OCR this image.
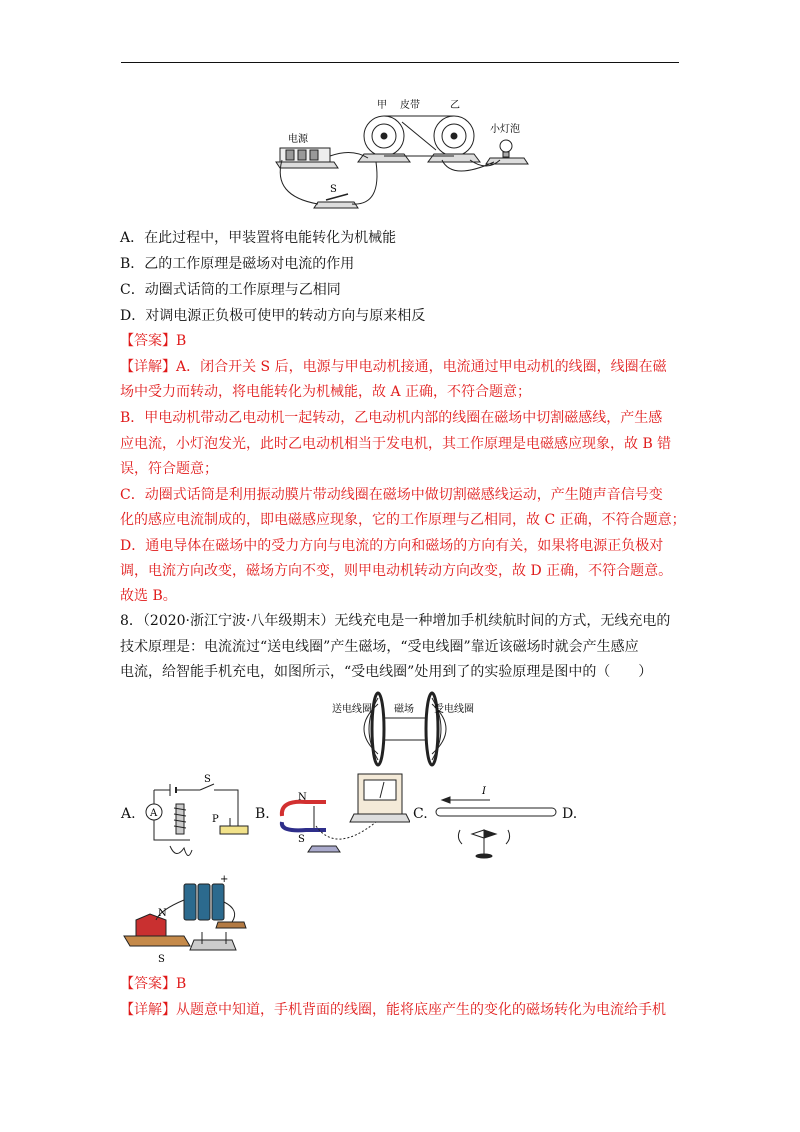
甲 皮带	乙
小灯泡
电源
S
A．在此过程中，甲装置将电能转化为机械能
B．乙的工作原理是磁场对电流的作用
C．动圈式话筒的工作原理与乙相同
D．对调电源正负极可使甲的转动方向与原来相反
【答案】B
【详解】A．闭合开关 S 后，电源与甲电动机接通，电流通过甲电动机的线圈，线圈在磁
场中受力而转动，将电能转化为机械能，故 A 正确，不符合题意；
B．甲电动机带动乙电动机一起转动，乙电动机内部的线圈在磁场中切割磁感线，产生感
应电流，小灯泡发光，此时乙电动机相当于发电机，其工作原理是电磁感应现象，故 B 错
误，符合题意；
C．动圈式话筒是利用振动膜片带动线圈在磁场中做切割磁感线运动，产生随声音信号变
化的感应电流制成的，即电磁感应现象，它的工作原理与乙相同，故 C 正确，不符合题意；
D．通电导体在磁场中的受力方向与电流的方向和磁场的方向有关，如果将电源正负极对
调，电流方向改变，磁场方向不变，则甲电动机转动方向改变，故 D 正确，不符合题意。
故选 B。
8．（2020·浙江宁波·八年级期末）无线充电是一种增加手机续航时间的方式，无线充电的
技术原理是：电流流过“送电线圈”产生磁场，“受电线圈”靠近该磁场时就会产生感应
电流，给智能手机充电，如图所示，“受电线圈”处用到了的实验原理是图中的（　　）
送电线圈 磁场 受电线圈
A.
S
A
P	B.
N
S
C.
I
D.
N
S
+
【答案】B
【详解】从题意中知道，手机背面的线圈，能将底座产生的变化的磁场转化为电流给手机
